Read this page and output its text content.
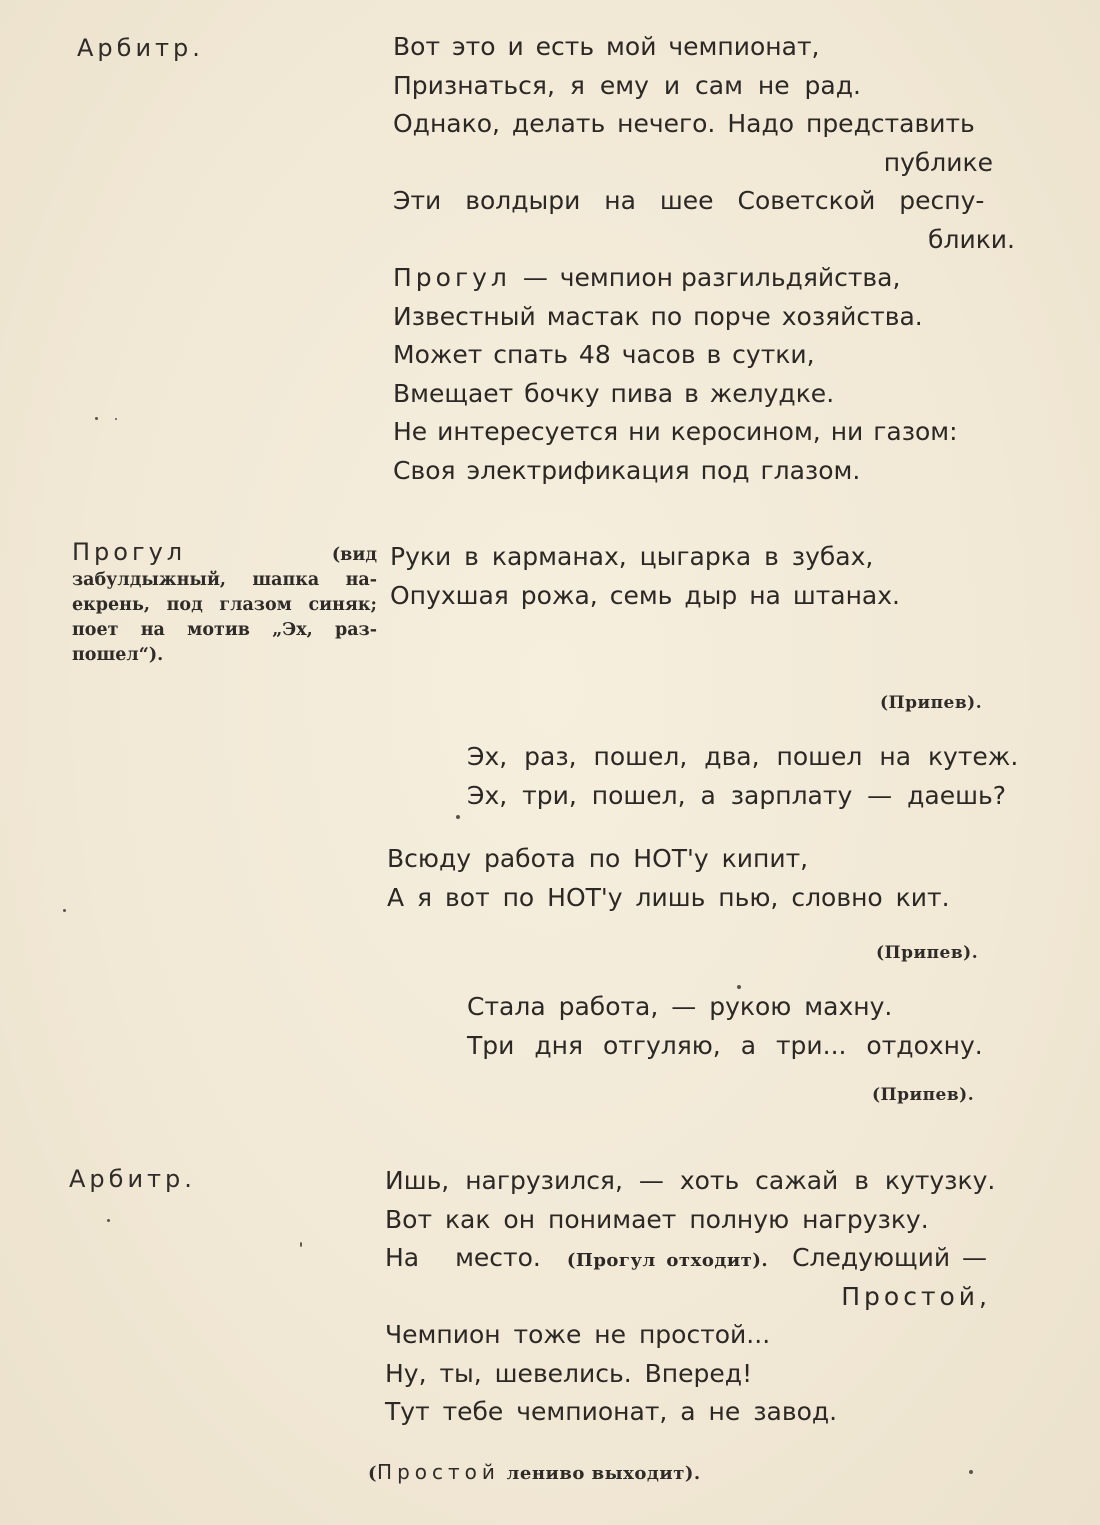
Арбитр.	Вот это и есть мой чемпионат,
Признаться, я ему и сам не рад.
Однако, делать нечего. Надо представить
публике
Эти волдыри на шее Советской респу-
блики.
Прогул — чемпион разгильдяйства,
Известный мастак по порче хозяйства.
Может спать 48 часов в сутки,
Вмещает бочку пива в желудке.
Не интересуется ни керосином, ни газом:
Своя электрификация под глазом.
Прогул	(вид забулдыжный, шапка на-екрень, под глазом синяк; поет на мотив „Эх, раз-пошел“).
Руки в карманах, цыгарка в зубах,
Опухшая рожа, семь дыр на штанах.
(Припев).
Эх, раз, пошел, два, пошел на кутеж.
Эх, три, пошел, а зарплату — даешь?
Всюду работа по НОТ'у кипит,
А я вот по НОТ'у лишь пью, словно кит.
(Припев).
Стала работа, — рукою махну.
Три дня отгуляю, а три... отдохну.
(Припев).
Арбитр.	Ишь, нагрузился, — хоть сажай в кутузку.
Вот как он понимает полную нагрузку.
На место. (Прогул отходит). Следующий —
Простой,
Чемпион тоже не простой...
Ну, ты, шевелись. Вперед!
Тут тебе чемпионат, а не завод.
(Простой лениво выходит).
